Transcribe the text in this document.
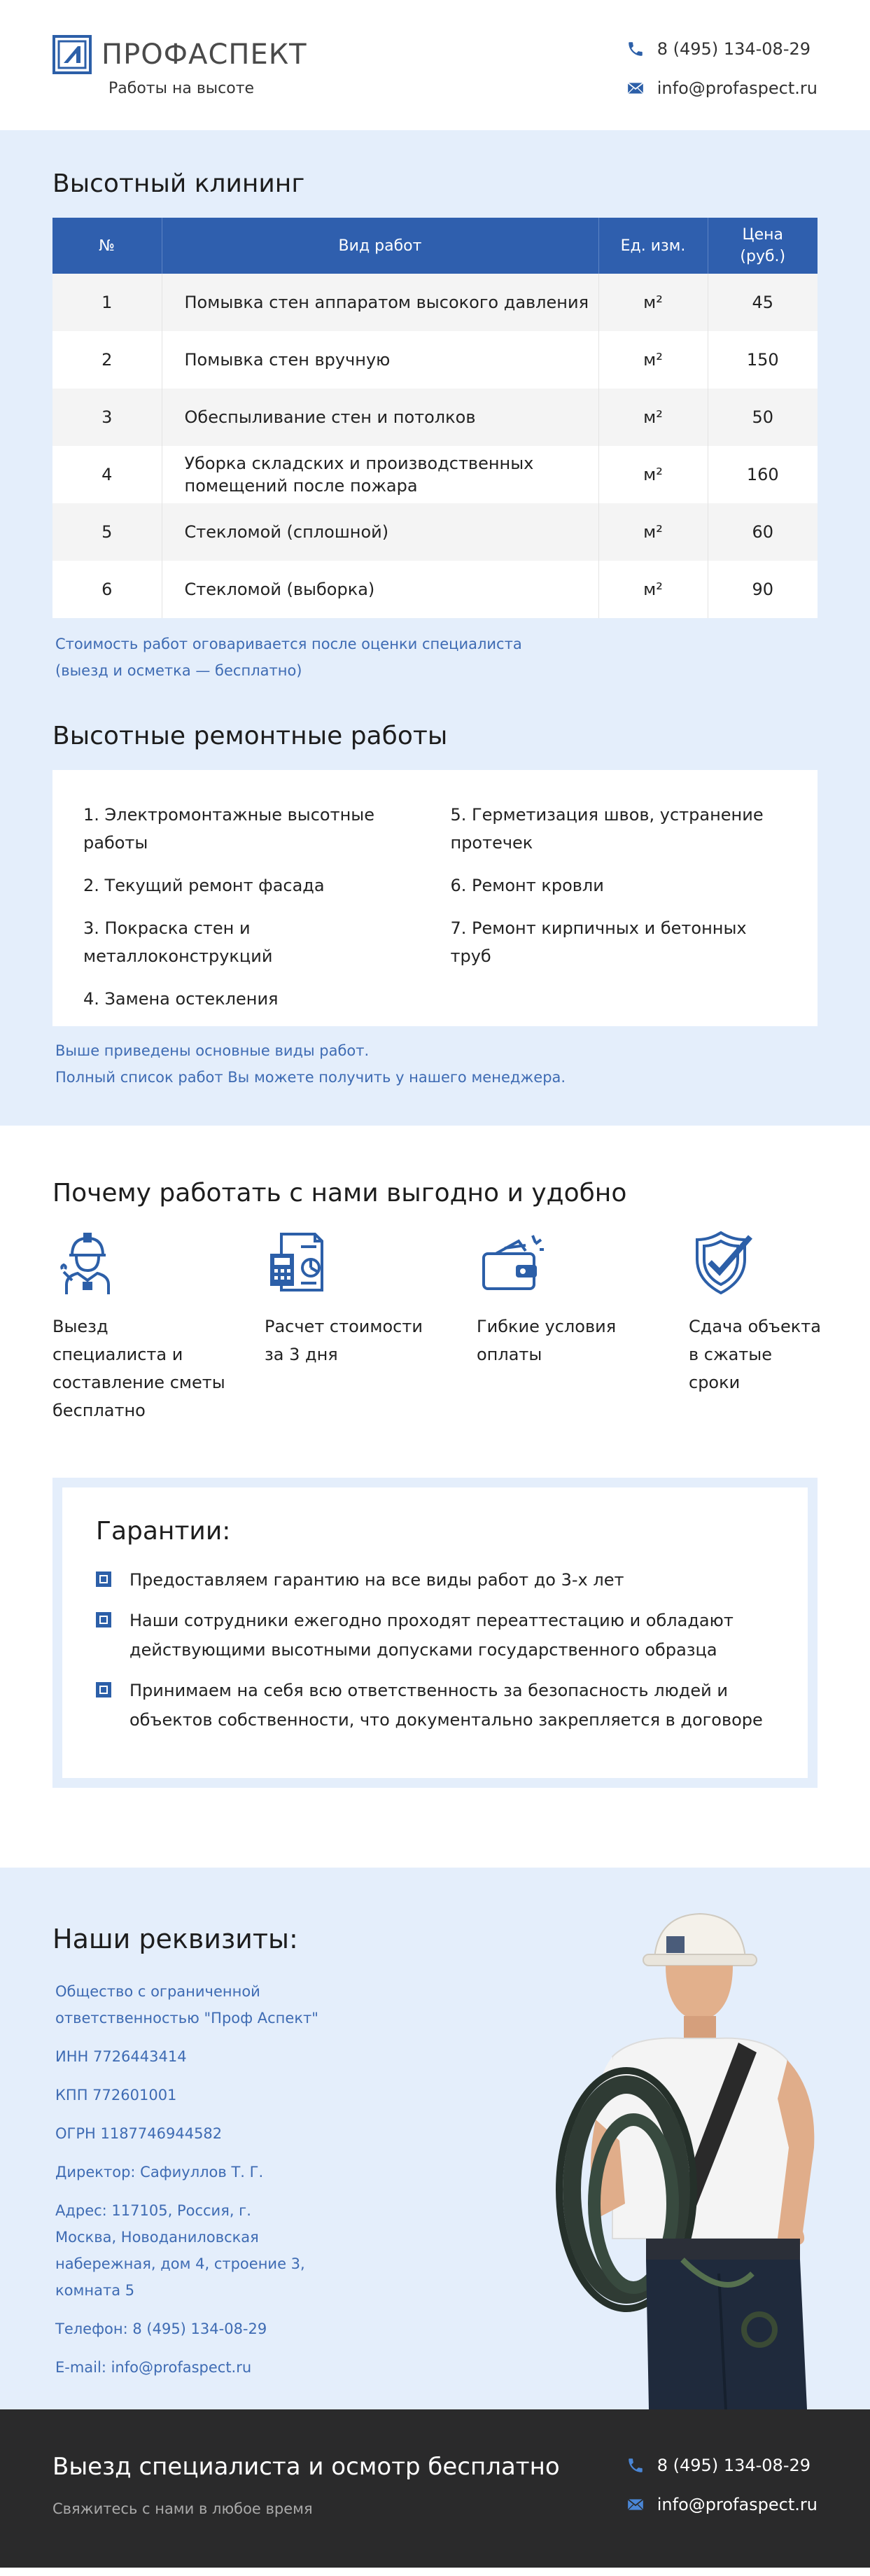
ПРОФАСПЕКТ
Работы на высоте
8 (495) 134-08-29
info@profaspect.ru
Высотный клининг
№	Вид работ	Ед. изм.	Цена (руб.)
1	Помывка стен аппаратом высокого давления	м²	45
2	Помывка стен вручную	м²	150
3	Обеспыливание стен и потолков	м²	50
4	Уборка складских и производственных помещений после пожара	м²	160
5	Стекломой (сплошной)	м²	60
6	Стекломой (выборка)	м²	90
Стоимость работ оговаривается после оценки специалиста
(выезд и осметка — бесплатно)
Высотные ремонтные работы
1. Электромонтажные высотные работы
2. Текущий ремонт фасада
3. Покраска стен и металлоконструкций
4. Замена остекления
5. Герметизация швов, устранение протечек
6. Ремонт кровли
7. Ремонт кирпичных и бетонных труб
Выше приведены основные виды работ.
Полный список работ Вы можете получить у нашего менеджера.
Почему работать с нами выгодно и удобно
Выезд специалиста и составление сметы бесплатно
Расчет стоимости за 3 дня
Гибкие условия оплаты
Сдача объекта в сжатые сроки
Гарантии:
Предоставляем гарантию на все виды работ до 3-х лет
Наши сотрудники ежегодно проходят переаттестацию и обладают действующими высотными допусками государственного образца
Принимаем на себя всю ответственность за безопасность людей и объектов собственности, что документально закрепляется в договоре
Наши реквизиты:
Общество с ограниченной ответственностью "Проф Аспект"
ИНН 7726443414
КПП 772601001
ОГРН 1187746944582
Директор: Сафиуллов Т. Г.
Адрес: 117105, Россия, г. Москва, Новоданиловская набережная, дом 4, строение 3, комната 5
Телефон: 8 (495) 134-08-29
E-mail: info@profaspect.ru
Выезд специалиста и осмотр бесплатно
Свяжитесь с нами в любое время
8 (495) 134-08-29
info@profaspect.ru
